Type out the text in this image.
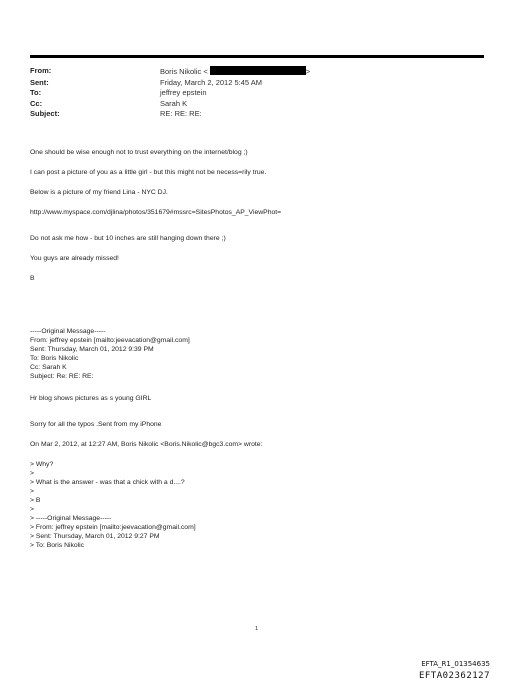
From:	Boris Nikolic <	>
Sent:	Friday, March 2, 2012 5:45 AM
To:	jeffrey epstein
Cc:	Sarah K
Subject:	RE: RE: RE:

One should be wise enough not to trust everything on the internet/blog ;)

I can post a picture of you as a little girl - but this might not be necess=rily true.

Below is a picture of my friend Lina - NYC DJ.

http://www.myspace.com/djlina/photos/351679#mssrc=SitesPhotos_AP_ViewPhot=

Do not ask me how - but 10 inches are still hanging down there ;)

You guys are already missed!

B

-----Original Message-----

From: jeffrey epstein [mailto:jeevacation@gmail.com]

Sent: Thursday, March 01, 2012 9:39 PM

To: Boris Nikolic

Cc: Sarah K

Subject: Re: RE: RE:

Hr blog shows pictures as s young GIRL

Sorry for all the typos .Sent from my iPhone

On Mar 2, 2012, at 12:27 AM, Boris Nikolic <Boris.Nikolic@bgc3.com> wrote:

> Why?

>

> What is the answer - was that a chick with a d....?

>

> B

>

> -----Original Message-----

> From: jeffrey epstein [mailto:jeevacation@gmail.com]

> Sent: Thursday, March 01, 2012 9:27 PM

> To: Boris Nikolic

1
EFTA_R1_01354635
EFTA02362127
